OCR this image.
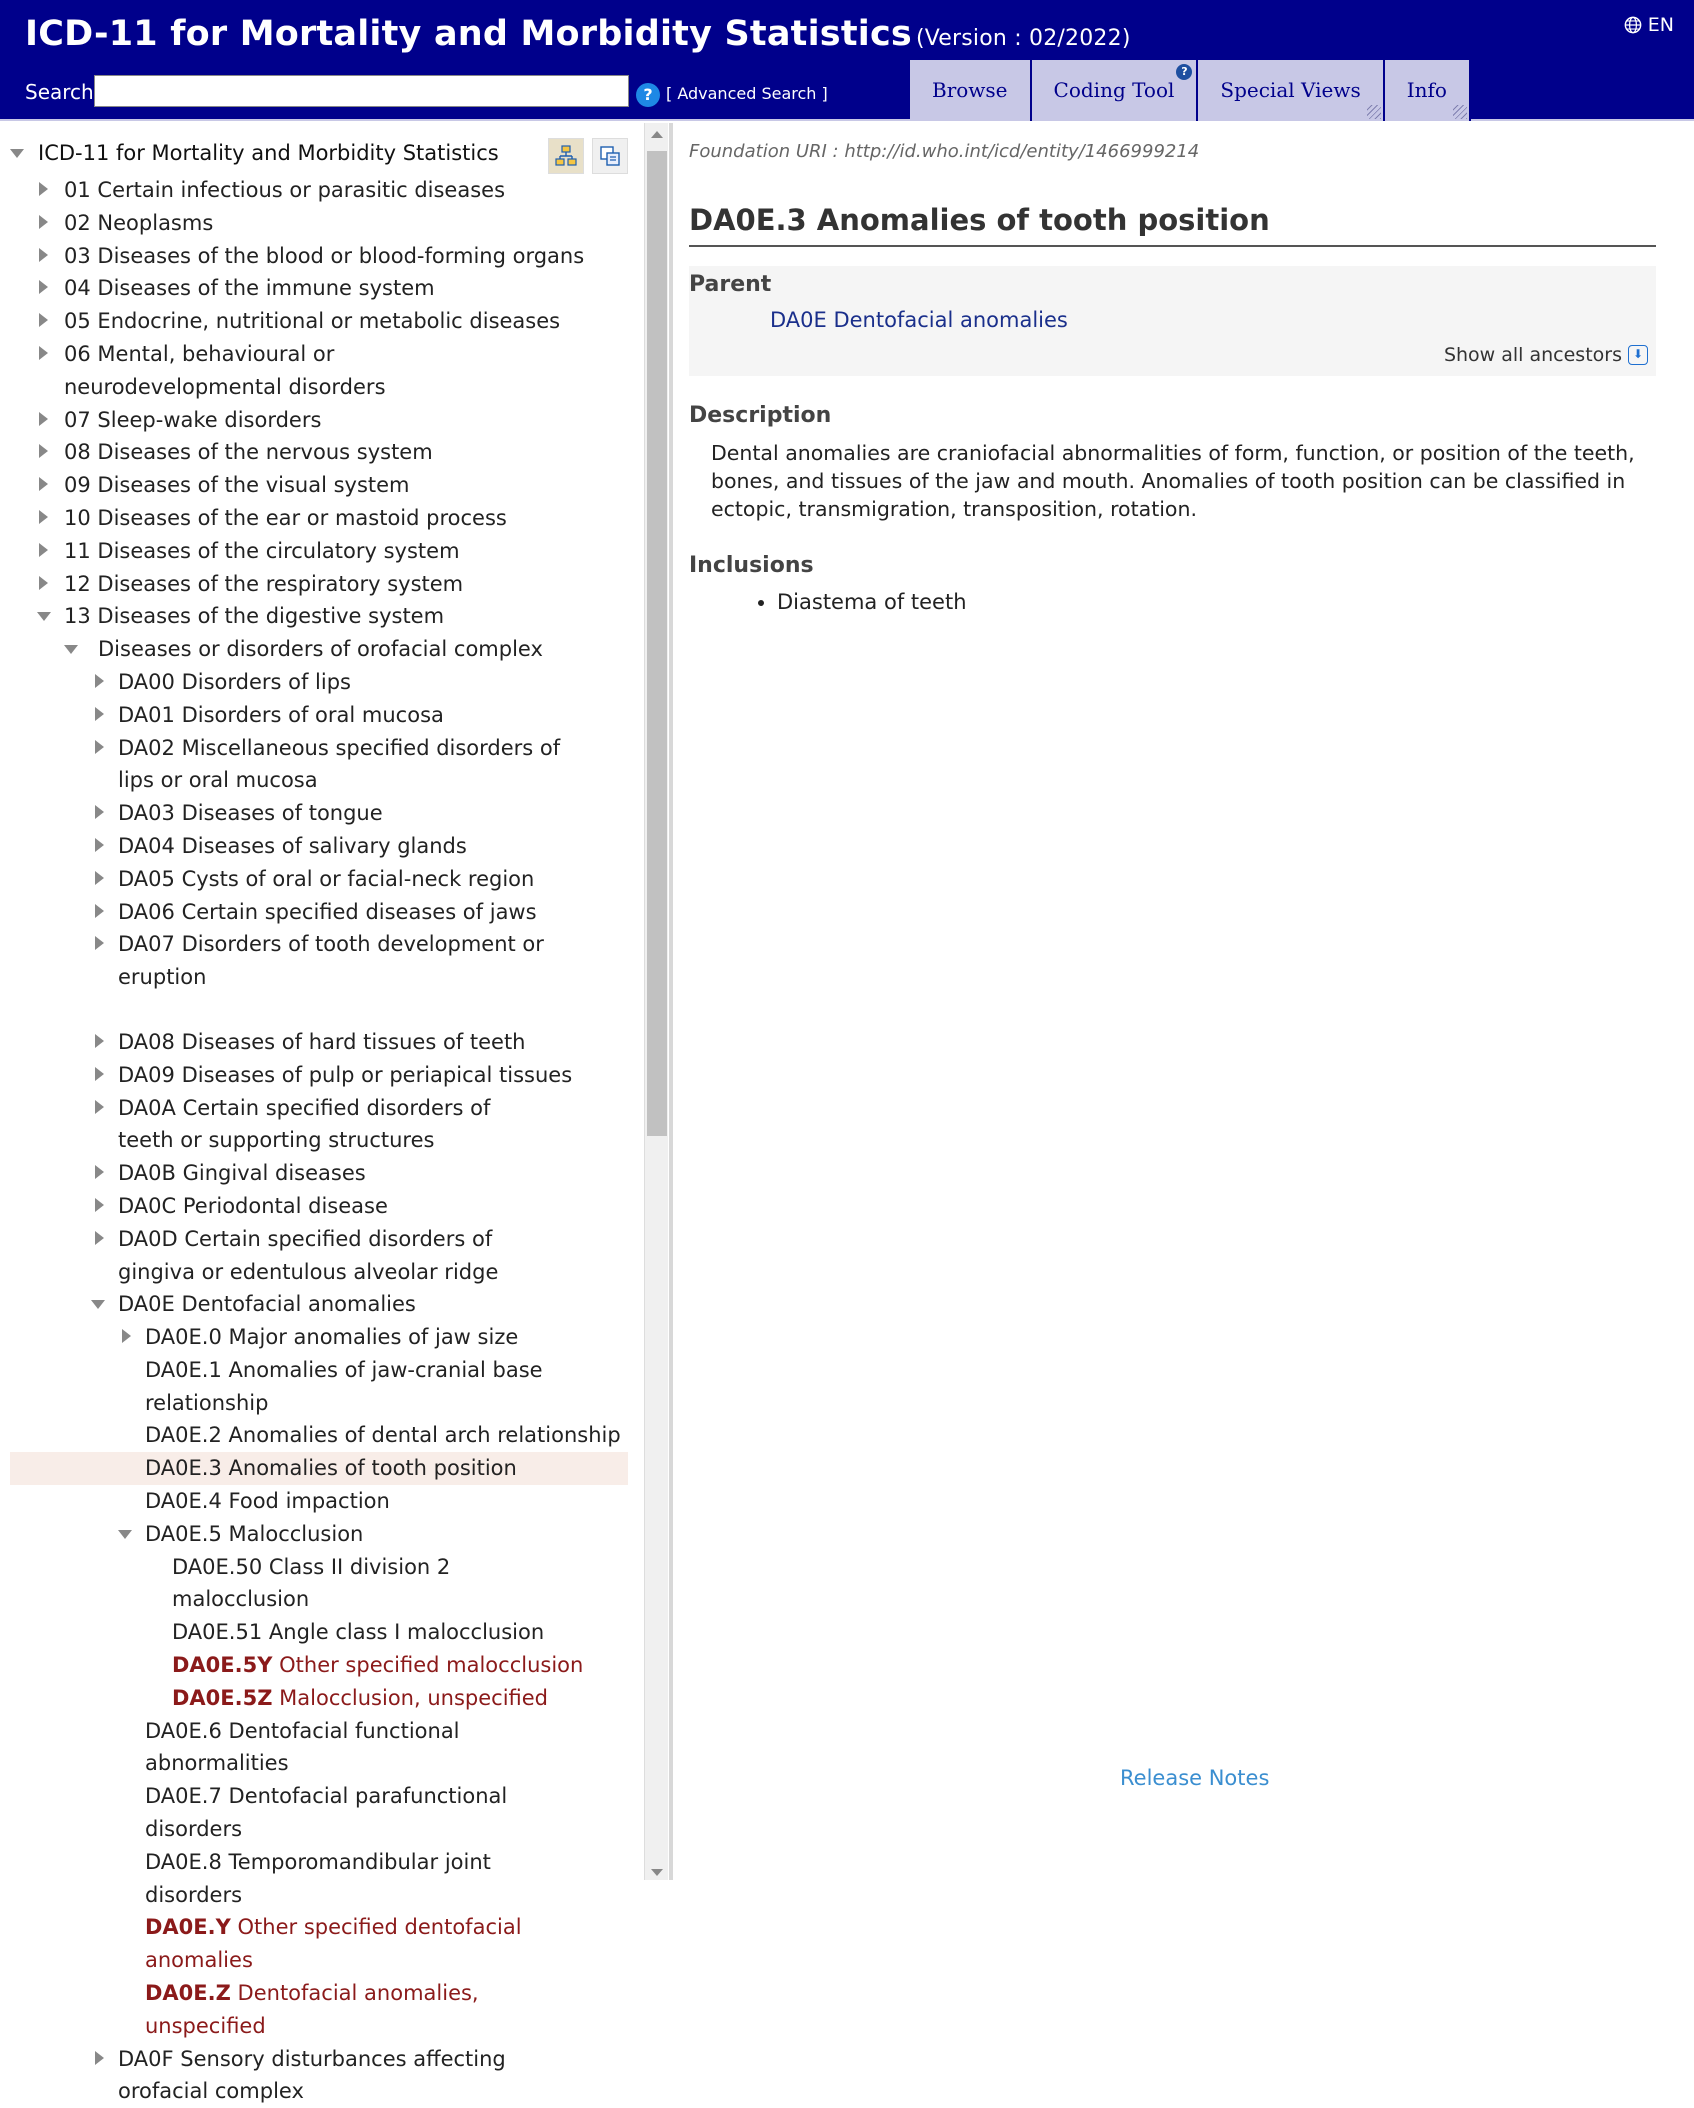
ICD-11 for Mortality and Morbidity Statistics (Version : 02/2022)
EN
Search	? [ Advanced Search ]	Browse	Coding Tool
?
Special Views	Info
ICD-11 for Mortality and Morbidity Statistics
01 Certain infectious or parasitic diseases
02 Neoplasms
03 Diseases of the blood or blood-forming organs
04 Diseases of the immune system
05 Endocrine, nutritional or metabolic diseases
06 Mental, behavioural or neurodevelopmental disorders
07 Sleep-wake disorders
08 Diseases of the nervous system
09 Diseases of the visual system
10 Diseases of the ear or mastoid process
11 Diseases of the circulatory system
12 Diseases of the respiratory system
13 Diseases of the digestive system
Diseases or disorders of orofacial complex
DA00 Disorders of lips
DA01 Disorders of oral mucosa
DA02 Miscellaneous specified disorders of lips or oral mucosa
DA03 Diseases of tongue
DA04 Diseases of salivary glands
DA05 Cysts of oral or facial-neck region
DA06 Certain specified diseases of jaws
DA07 Disorders of tooth development or eruption
DA08 Diseases of hard tissues of teeth
DA09 Diseases of pulp or periapical tissues
DA0A Certain specified disorders of teeth or supporting structures
DA0B Gingival diseases
DA0C Periodontal disease
DA0D Certain specified disorders of gingiva or edentulous alveolar ridge
DA0E Dentofacial anomalies
DA0E.0 Major anomalies of jaw size
DA0E.1 Anomalies of jaw-cranial base relationship
DA0E.2 Anomalies of dental arch relationship
DA0E.3 Anomalies of tooth position
DA0E.4 Food impaction
DA0E.5 Malocclusion
DA0E.50 Class II division 2 malocclusion
DA0E.51 Angle class I malocclusion
DA0E.5Y Other specified malocclusion
DA0E.5Z Malocclusion, unspecified
DA0E.6 Dentofacial functional abnormalities
DA0E.7 Dentofacial parafunctional disorders
DA0E.8 Temporomandibular joint disorders
DA0E.Y Other specified dentofacial anomalies
DA0E.Z Dentofacial anomalies, unspecified
DA0F Sensory disturbances affecting orofacial complex
Foundation URI : http://id.who.int/icd/entity/1466999214
DA0E.3 Anomalies of tooth position
Parent
DA0E Dentofacial anomalies
Show all ancestors ⬇
Description
Dental anomalies are craniofacial abnormalities of form, function, or position of the teeth, bones, and tissues of the jaw and mouth. Anomalies of tooth position can be classified in ectopic, transmigration, transposition, rotation.
Inclusions
• Diastema of teeth
Release Notes
